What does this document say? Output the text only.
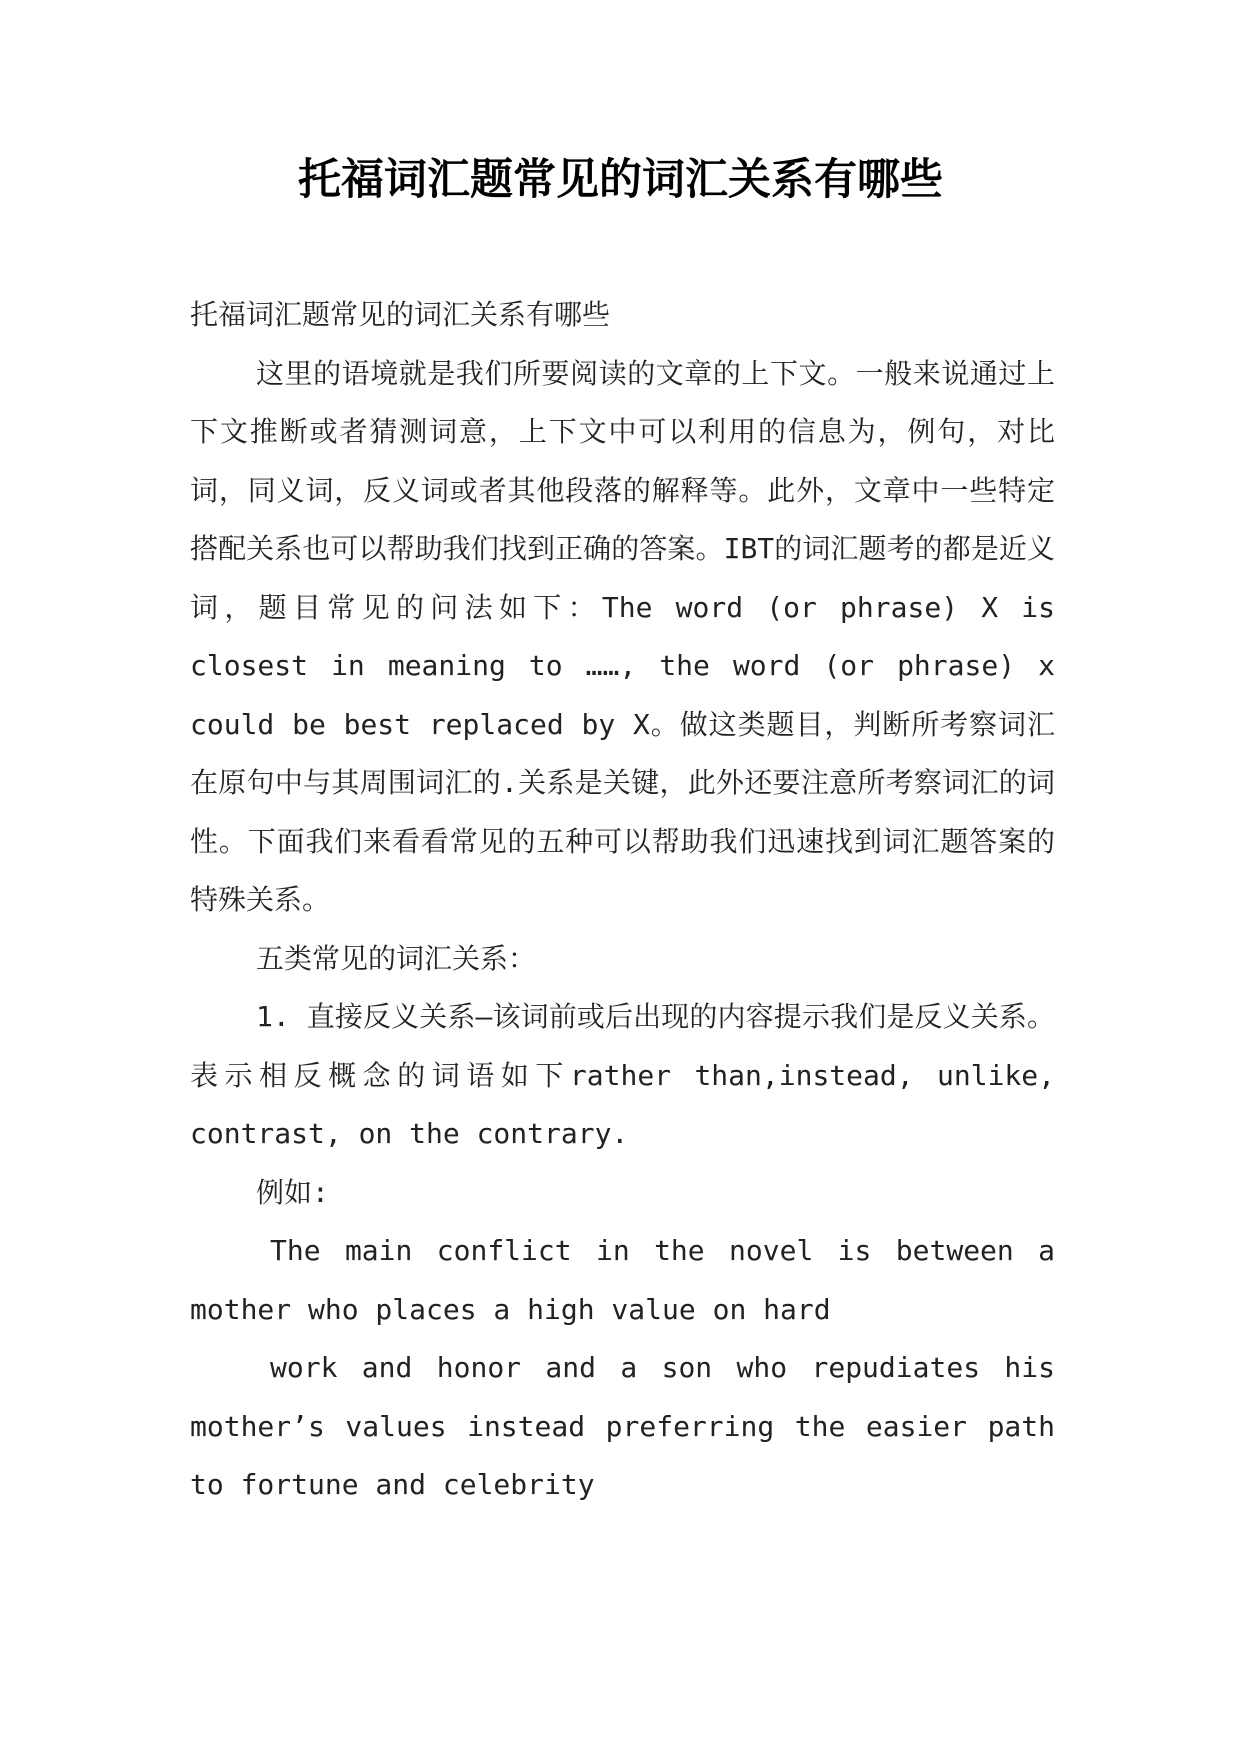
托福词汇题常见的词汇关系有哪些

托福词汇题常见的词汇关系有哪些

这里的语境就是我们所要阅读的文章的上下文。一般来说通过上下文推断或者猜测词意，上下文中可以利用的信息为，例句，对比词，同义词，反义词或者其他段落的解释等。此外，文章中一些特定搭配关系也可以帮助我们找到正确的答案。IBT的词汇题考的都是近义词，题目常见的问法如下：The word (or phrase) X is closest in meaning to ……, the word (or phrase) x could be best replaced by X。做这类题目，判断所考察词汇在原句中与其周围词汇的.关系是关键，此外还要注意所考察词汇的词性。下面我们来看看常见的五种可以帮助我们迅速找到词汇题答案的特殊关系。

五类常见的词汇关系：

1. 直接反义关系—该词前或后出现的内容提示我们是反义关系。表示相反概念的词语如下rather than,instead, unlike, contrast, on the contrary.

例如:

The main conflict in the novel is between a mother who places a high value on hard

work and honor and a son who repudiates his mother’s values instead preferring the easier path to fortune and celebrity
